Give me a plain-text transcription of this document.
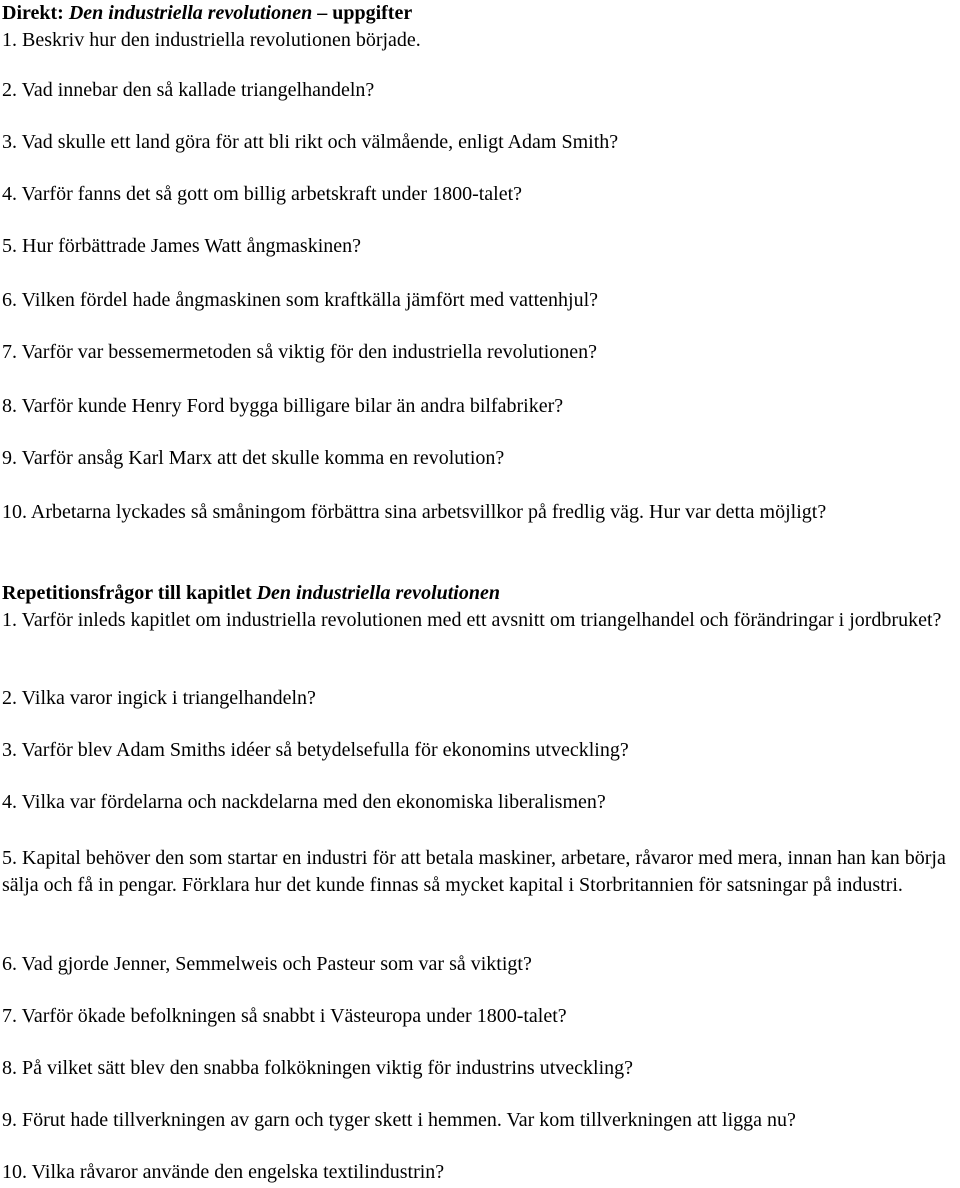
Direkt: Den industriella revolutionen – uppgifter
1. Beskriv hur den industriella revolutionen började.
2. Vad innebar den så kallade triangelhandeln?
3. Vad skulle ett land göra för att bli rikt och välmående, enligt Adam Smith?
4. Varför fanns det så gott om billig arbetskraft under 1800-talet?
5. Hur förbättrade James Watt ångmaskinen?
6. Vilken fördel hade ångmaskinen som kraftkälla jämfört med vattenhjul?
7. Varför var bessemermetoden så viktig för den industriella revolutionen?
8. Varför kunde Henry Ford bygga billigare bilar än andra bilfabriker?
9. Varför ansåg Karl Marx att det skulle komma en revolution?
10. Arbetarna lyckades så småningom förbättra sina arbetsvillkor på fredlig väg. Hur var detta möjligt?
Repetitionsfrågor till kapitlet Den industriella revolutionen
1. Varför inleds kapitlet om industriella revolutionen med ett avsnitt om triangelhandel och förändringar i jordbruket?
2. Vilka varor ingick i triangelhandeln?
3. Varför blev Adam Smiths idéer så betydelsefulla för ekonomins utveckling?
4. Vilka var fördelarna och nackdelarna med den ekonomiska liberalismen?
5. Kapital behöver den som startar en industri för att betala maskiner, arbetare, råvaror med mera, innan han kan börja sälja och få in pengar. Förklara hur det kunde finnas så mycket kapital i Storbritannien för satsningar på industri.
6. Vad gjorde Jenner, Semmelweis och Pasteur som var så viktigt?
7. Varför ökade befolkningen så snabbt i Västeuropa under 1800-talet?
8. På vilket sätt blev den snabba folkökningen viktig för industrins utveckling?
9. Förut hade tillverkningen av garn och tyger skett i hemmen. Var kom tillverkningen att ligga nu?
10. Vilka råvaror använde den engelska textilindustrin?
